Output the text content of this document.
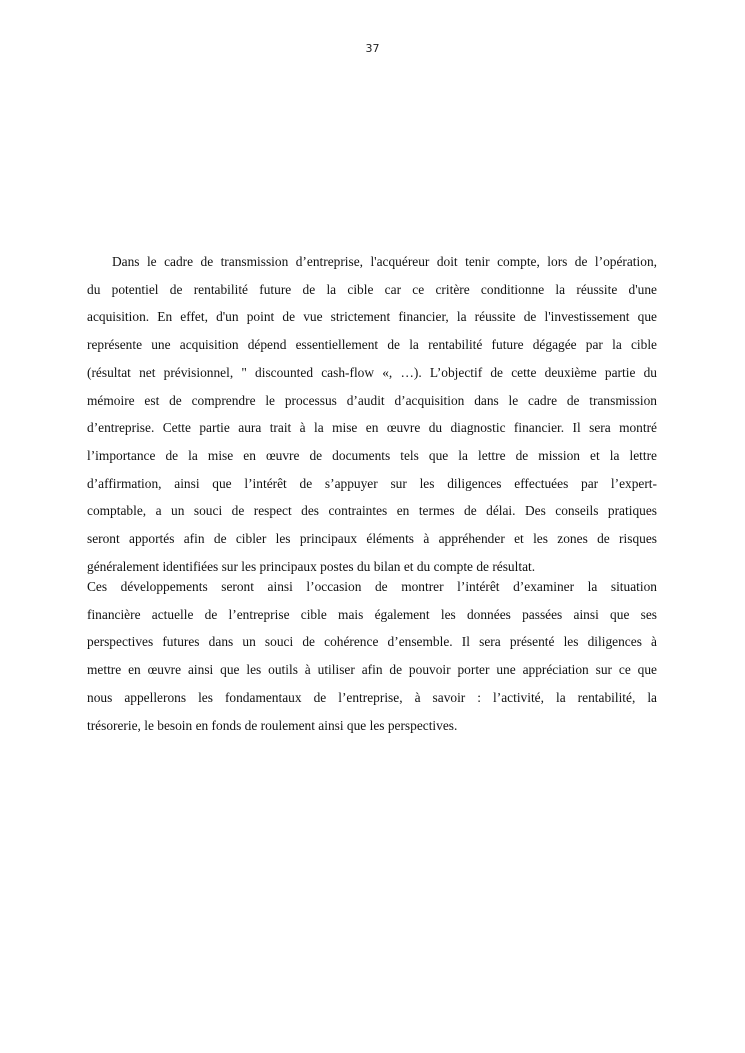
37
Dans le cadre de transmission d’entreprise, l'acquéreur doit tenir compte, lors de l’opération,
du potentiel de rentabilité future de la cible car ce critère conditionne la réussite d'une
acquisition. En effet, d'un point de vue strictement financier, la réussite de l'investissement que
représente une acquisition dépend essentiellement de la rentabilité future dégagée par la cible
(résultat net prévisionnel, " discounted cash-flow «, …). L’objectif de cette deuxième partie du
mémoire est de comprendre le processus d’audit d’acquisition dans le cadre de transmission
d’entreprise. Cette partie aura trait à la mise en œuvre du diagnostic financier. Il sera montré
l’importance de la mise en œuvre de documents tels que la lettre de mission et la lettre
d’affirmation, ainsi que l’intérêt de s’appuyer sur les diligences effectuées par l’expert-
comptable, a un souci de respect des contraintes en termes de délai. Des conseils pratiques
seront apportés afin de cibler les principaux éléments à appréhender et les zones de risques
généralement identifiées sur les principaux postes du bilan et du compte de résultat.
Ces développements seront ainsi l’occasion de montrer l’intérêt d’examiner la situation
financière actuelle de l’entreprise cible mais également les données passées ainsi que ses
perspectives futures dans un souci de cohérence d’ensemble. Il sera présenté les diligences à
mettre en œuvre ainsi que les outils à utiliser afin de pouvoir porter une appréciation sur ce que
nous appellerons les fondamentaux de l’entreprise, à savoir : l’activité, la rentabilité, la
trésorerie, le besoin en fonds de roulement ainsi que les perspectives.
